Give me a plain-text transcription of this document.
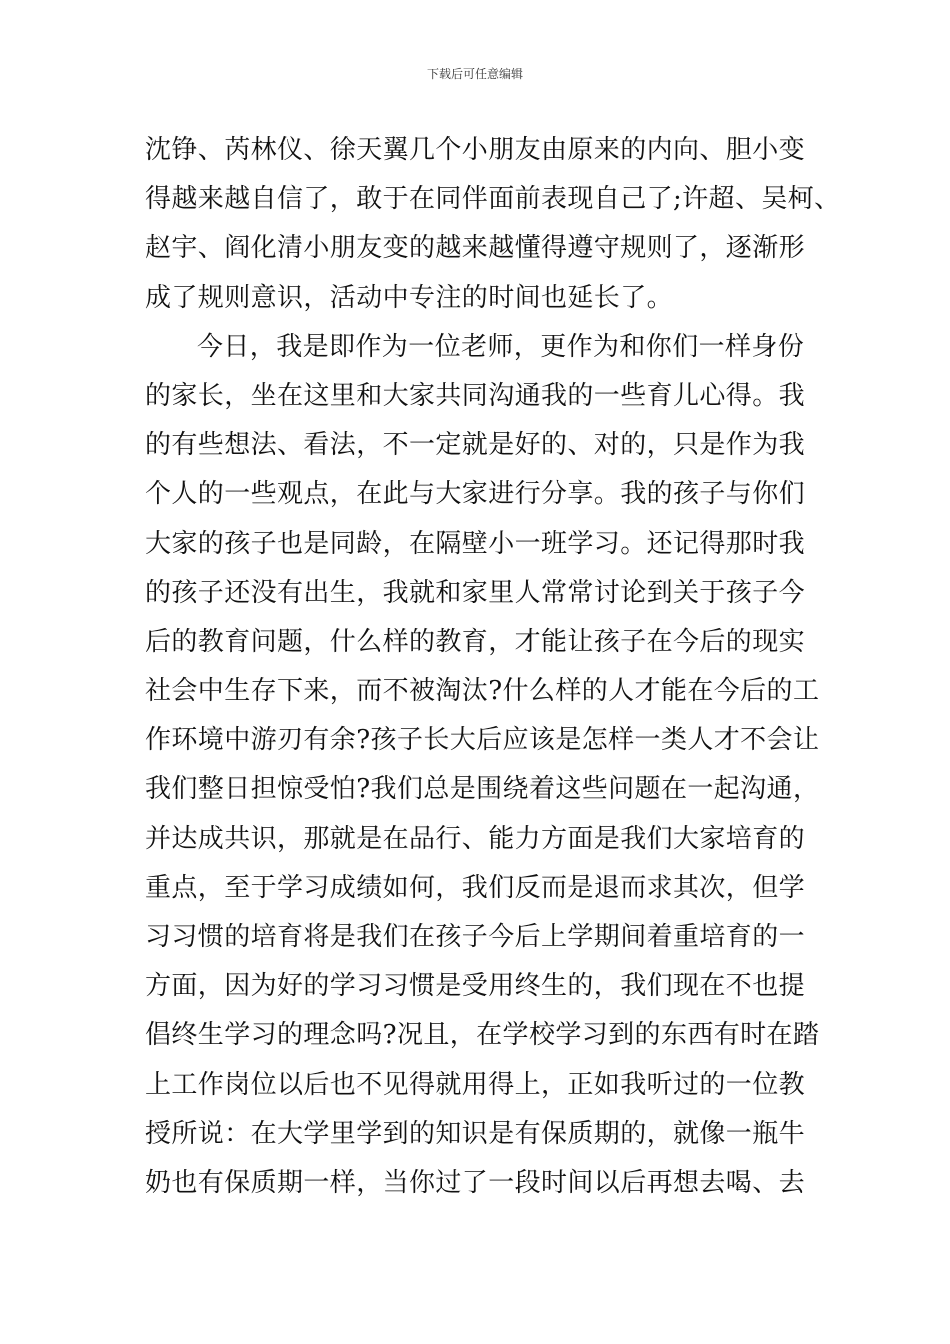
下载后可任意编辑
沈铮、芮林仪、徐天翼几个小朋友由原来的内向、胆小变
得越来越自信了，敢于在同伴面前表现自己了;许超、吴柯、
赵宇、阎化清小朋友变的越来越懂得遵守规则了，逐渐形
成了规则意识，活动中专注的时间也延长了。
今日，我是即作为一位老师，更作为和你们一样身份
的家长，坐在这里和大家共同沟通我的一些育儿心得。我
的有些想法、看法，不一定就是好的、对的，只是作为我
个人的一些观点，在此与大家进行分享。我的孩子与你们
大家的孩子也是同龄，在隔壁小一班学习。还记得那时我
的孩子还没有出生，我就和家里人常常讨论到关于孩子今
后的教育问题，什么样的教育，才能让孩子在今后的现实
社会中生存下来，而不被淘汰?什么样的人才能在今后的工
作环境中游刃有余?孩子长大后应该是怎样一类人才不会让
我们整日担惊受怕?我们总是围绕着这些问题在一起沟通，
并达成共识，那就是在品行、能力方面是我们大家培育的
重点，至于学习成绩如何，我们反而是退而求其次，但学
习习惯的培育将是我们在孩子今后上学期间着重培育的一
方面，因为好的学习习惯是受用终生的，我们现在不也提
倡终生学习的理念吗?况且，在学校学习到的东西有时在踏
上工作岗位以后也不见得就用得上，正如我听过的一位教
授所说：在大学里学到的知识是有保质期的，就像一瓶牛
奶也有保质期一样，当你过了一段时间以后再想去喝、去
